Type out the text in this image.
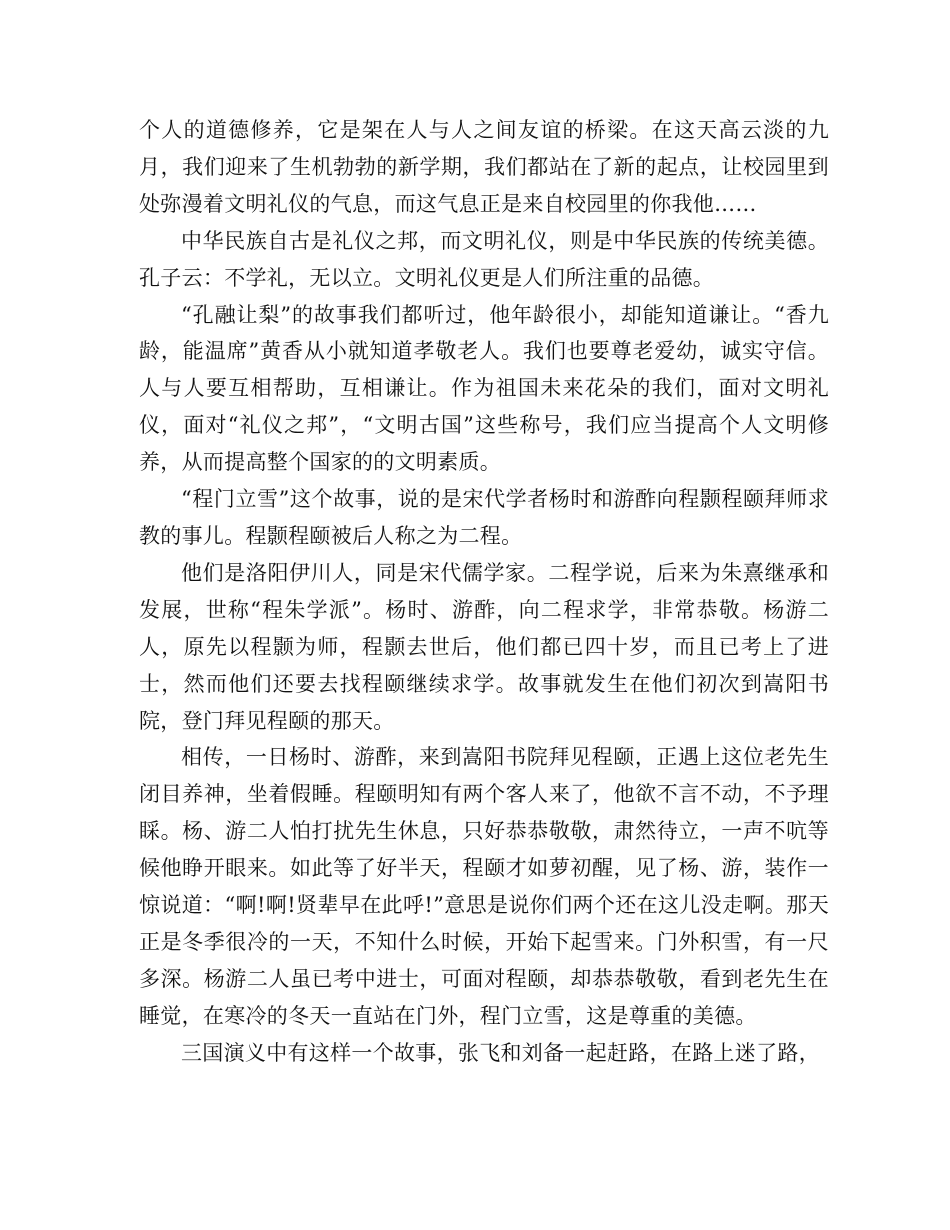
个人的道德修养，它是架在人与人之间友谊的桥梁。在这天高云淡的九月，我们迎来了生机勃勃的新学期，我们都站在了新的起点，让校园里到处弥漫着文明礼仪的气息，而这气息正是来自校园里的你我他……

中华民族自古是礼仪之邦，而文明礼仪，则是中华民族的传统美德。孔子云：不学礼，无以立。文明礼仪更是人们所注重的品德。

“孔融让梨”的故事我们都听过，他年龄很小，却能知道谦让。“香九龄，能温席”黄香从小就知道孝敬老人。我们也要尊老爱幼，诚实守信。人与人要互相帮助，互相谦让。作为祖国未来花朵的我们，面对文明礼仪，面对“礼仪之邦”，“文明古国”这些称号，我们应当提高个人文明修养，从而提高整个国家的的文明素质。

“程门立雪”这个故事，说的是宋代学者杨时和游酢向程颢程颐拜师求教的事儿。程颢程颐被后人称之为二程。

他们是洛阳伊川人，同是宋代儒学家。二程学说，后来为朱熹继承和发展，世称“程朱学派”。杨时、游酢，向二程求学，非常恭敬。杨游二人，原先以程颢为师，程颢去世后，他们都已四十岁，而且已考上了进士，然而他们还要去找程颐继续求学。故事就发生在他们初次到嵩阳书院，登门拜见程颐的那天。

相传，一日杨时、游酢，来到嵩阳书院拜见程颐，正遇上这位老先生闭目养神，坐着假睡。程颐明知有两个客人来了，他欲不言不动，不予理睬。杨、游二人怕打扰先生休息，只好恭恭敬敬，肃然待立，一声不吭等候他睁开眼来。如此等了好半天，程颐才如萝初醒，见了杨、游，装作一惊说道：“啊!啊!贤辈早在此呼!”意思是说你们两个还在这儿没走啊。那天正是冬季很冷的一天，不知什么时候，开始下起雪来。门外积雪，有一尺多深。杨游二人虽已考中进士，可面对程颐，却恭恭敬敬，看到老先生在睡觉，在寒冷的冬天一直站在门外，程门立雪，这是尊重的美德。

三国演义中有这样一个故事，张飞和刘备一起赶路，在路上迷了路，
